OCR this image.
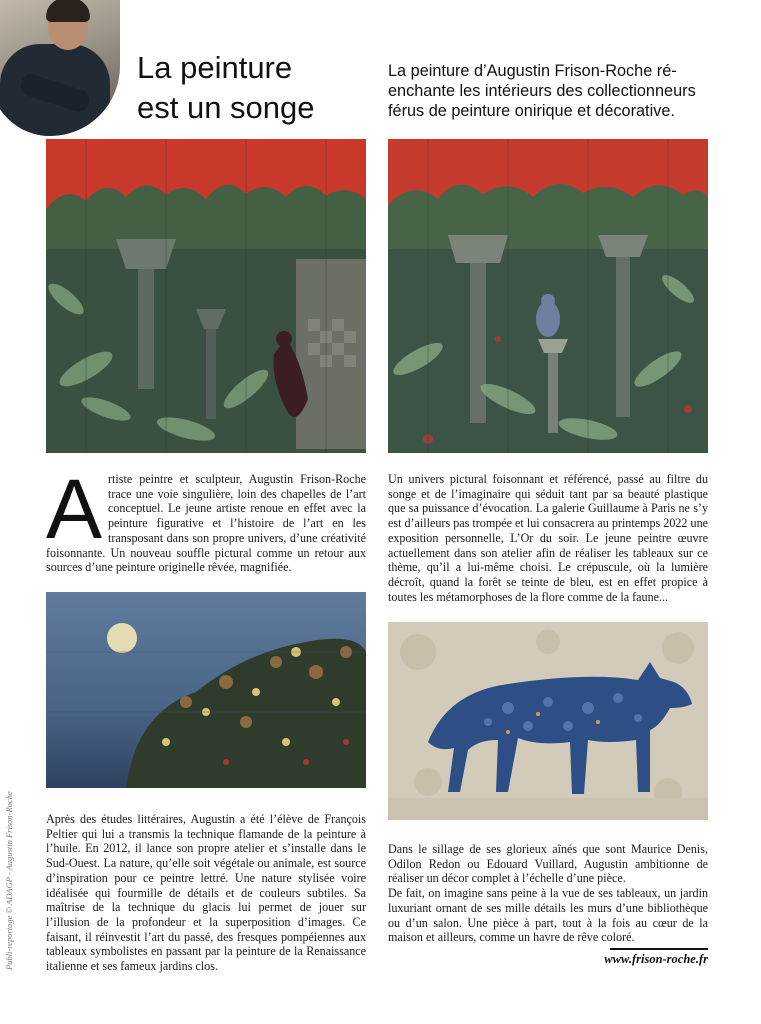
La peinture
est un songe

La peinture d’Augustin Frison-Roche ré-enchante les intérieurs des collectionneurs férus de peinture onirique et décorative.

A rtiste peintre et sculpteur, Augustin Frison-Roche trace une voie singulière, loin des chapelles de l’art conceptuel. Le jeune artiste renoue en effet avec la peinture figurative et l’histoire de l’art en les transposant dans son propre univers, d’une créativité foisonnante. Un nouveau souffle pictural comme un retour aux sources d’une peinture originelle rêvée, magnifiée.

Un univers pictural foisonnant et référencé, passé au filtre du songe et de l’imaginaire qui séduit tant par sa beauté plastique que sa puissance d’évocation. La galerie Guillaume à Paris ne s’y est d’ailleurs pas trompée et lui consacrera au printemps 2022 une exposition personnelle, L’Or du soir. Le jeune peintre œuvre actuellement dans son atelier afin de réaliser les tableaux sur ce thème, qu’il a lui-même choisi. Le crépuscule, où la lumière décroît, quand la forêt se teinte de bleu, est en effet propice à toutes les métamorphoses de la flore comme de la faune...

Après des études littéraires, Augustin a été l’élève de François Peltier qui lui a transmis la technique flamande de la peinture à l’huile. En 2012, il lance son propre atelier et s’installe dans le Sud-Ouest. La nature, qu’elle soit végétale ou animale, est source d’inspiration pour ce peintre lettré. Une nature stylisée voire idéalisée qui fourmille de détails et de couleurs subtiles. Sa maîtrise de la technique du glacis lui permet de jouer sur l’illusion de la profondeur et la superposition d’images. Ce faisant, il réinvestit l’art du passé, des fresques pompéiennes aux tableaux symbolistes en passant par la peinture de la Renaissance italienne et ses fameux jardins clos.

Dans le sillage de ses glorieux aînés que sont Maurice Denis, Odilon Redon ou Edouard Vuillard, Augustin ambitionne de réaliser un décor complet à l’échelle d’une pièce.

De fait, on imagine sans peine à la vue de ses tableaux, un jardin luxuriant ornant de ses mille détails les murs d’une bibliothèque ou d’un salon. Une pièce à part, tout à la fois au cœur de la maison et ailleurs, comme un havre de rêve coloré.

www.frison-roche.fr
Publi-reportage © ADAGP - Augustin Frison-Roche
